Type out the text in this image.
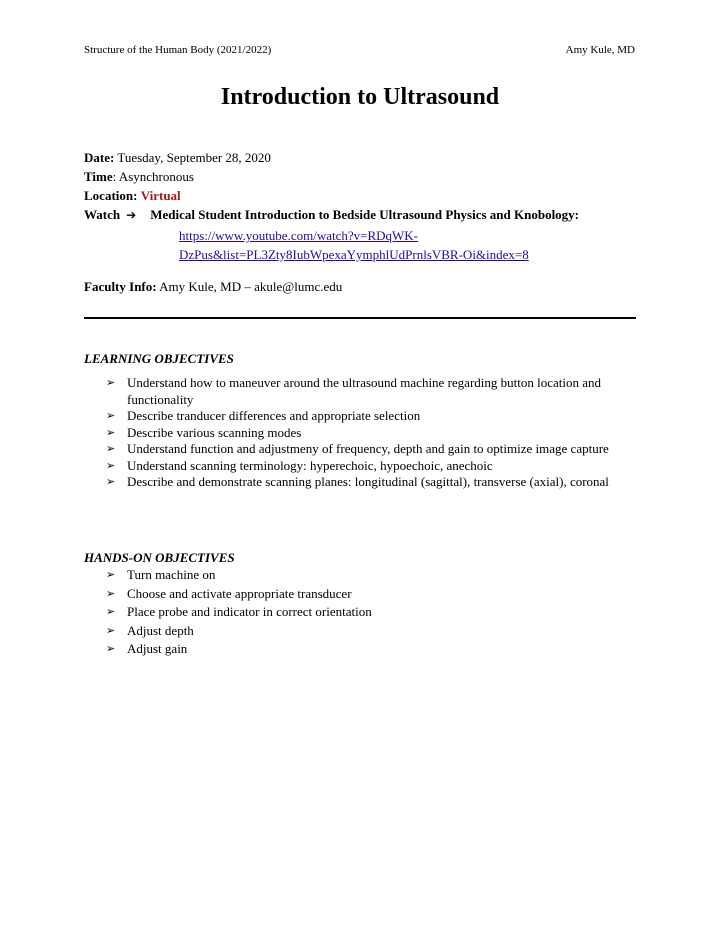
Structure of the Human Body (2021/2022)	Amy Kule, MD
Introduction to Ultrasound
Date: Tuesday, September 28, 2020
Time: Asynchronous
Location: Virtual
Watch ➔ Medical Student Introduction to Bedside Ultrasound Physics and Knobology:
https://www.youtube.com/watch?v=RDqWK-
DzPus&list=PL3Zty8IubWpexaYymphlUdPrnlsVBR-Oi&index=8
Faculty Info: Amy Kule, MD – akule@lumc.edu
LEARNING OBJECTIVES
➢ Understand how to maneuver around the ultrasound machine regarding button location and functionality
➢ Describe tranducer differences and appropriate selection
➢ Describe various scanning modes
➢ Understand function and adjustmeny of frequency, depth and gain to optimize image capture
➢ Understand scanning terminology: hyperechoic, hypoechoic, anechoic
➢ Describe and demonstrate scanning planes: longitudinal (sagittal), transverse (axial), coronal
HANDS-ON OBJECTIVES
➢ Turn machine on
➢ Choose and activate appropriate transducer
➢ Place probe and indicator in correct orientation
➢ Adjust depth
➢ Adjust gain
